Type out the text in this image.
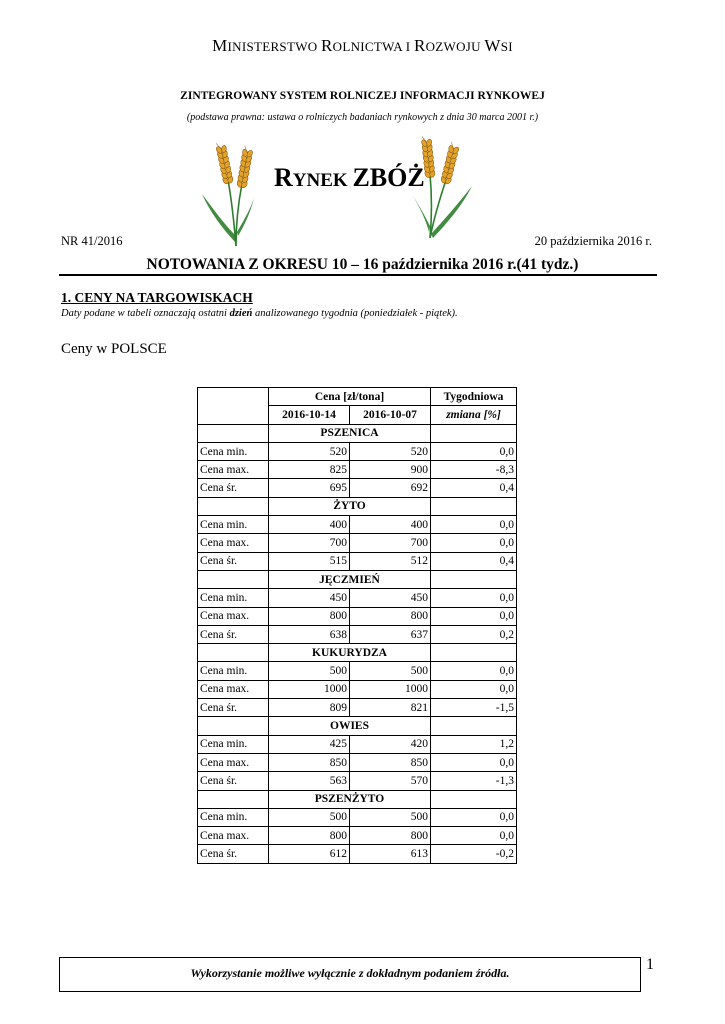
MINISTERSTWO ROLNICTWA I ROZWOJU WSI
ZINTEGROWANY SYSTEM ROLNICZEJ INFORMACJI RYNKOWEJ
(podstawa prawna: ustawa o rolniczych badaniach rynkowych z dnia 30 marca 2001 r.)
RYNEK ZBÓŻ
NR 41/2016	20 października 2016 r.
NOTOWANIA Z OKRESU 10 – 16 października 2016 r.(41 tydz.)
1. CENY NA TARGOWISKACH
Daty podane w tabeli oznaczają ostatni dzień analizowanego tygodnia (poniedziałek - piątek).
Ceny w POLSCE
	Cena [zł/tona]		Tygodniowa
	2016-10-14	2016-10-07	zmiana [%]
	PSZENICA		
Cena min.	520	520	0,0
Cena max.	825	900	-8,3
Cena śr.	695	692	0,4
	ŻYTO		
Cena min.	400	400	0,0
Cena max.	700	700	0,0
Cena śr.	515	512	0,4
	JĘCZMIEŃ		
Cena min.	450	450	0,0
Cena max.	800	800	0,0
Cena śr.	638	637	0,2
	KUKURYDZA		
Cena min.	500	500	0,0
Cena max.	1000	1000	0,0
Cena śr.	809	821	-1,5
	OWIES		
Cena min.	425	420	1,2
Cena max.	850	850	0,0
Cena śr.	563	570	-1,3
	PSZENŻYTO		
Cena min.	500	500	0,0
Cena max.	800	800	0,0
Cena śr.	612	613	-0,2
Wykorzystanie możliwe wyłącznie z dokładnym podaniem źródła.	1
